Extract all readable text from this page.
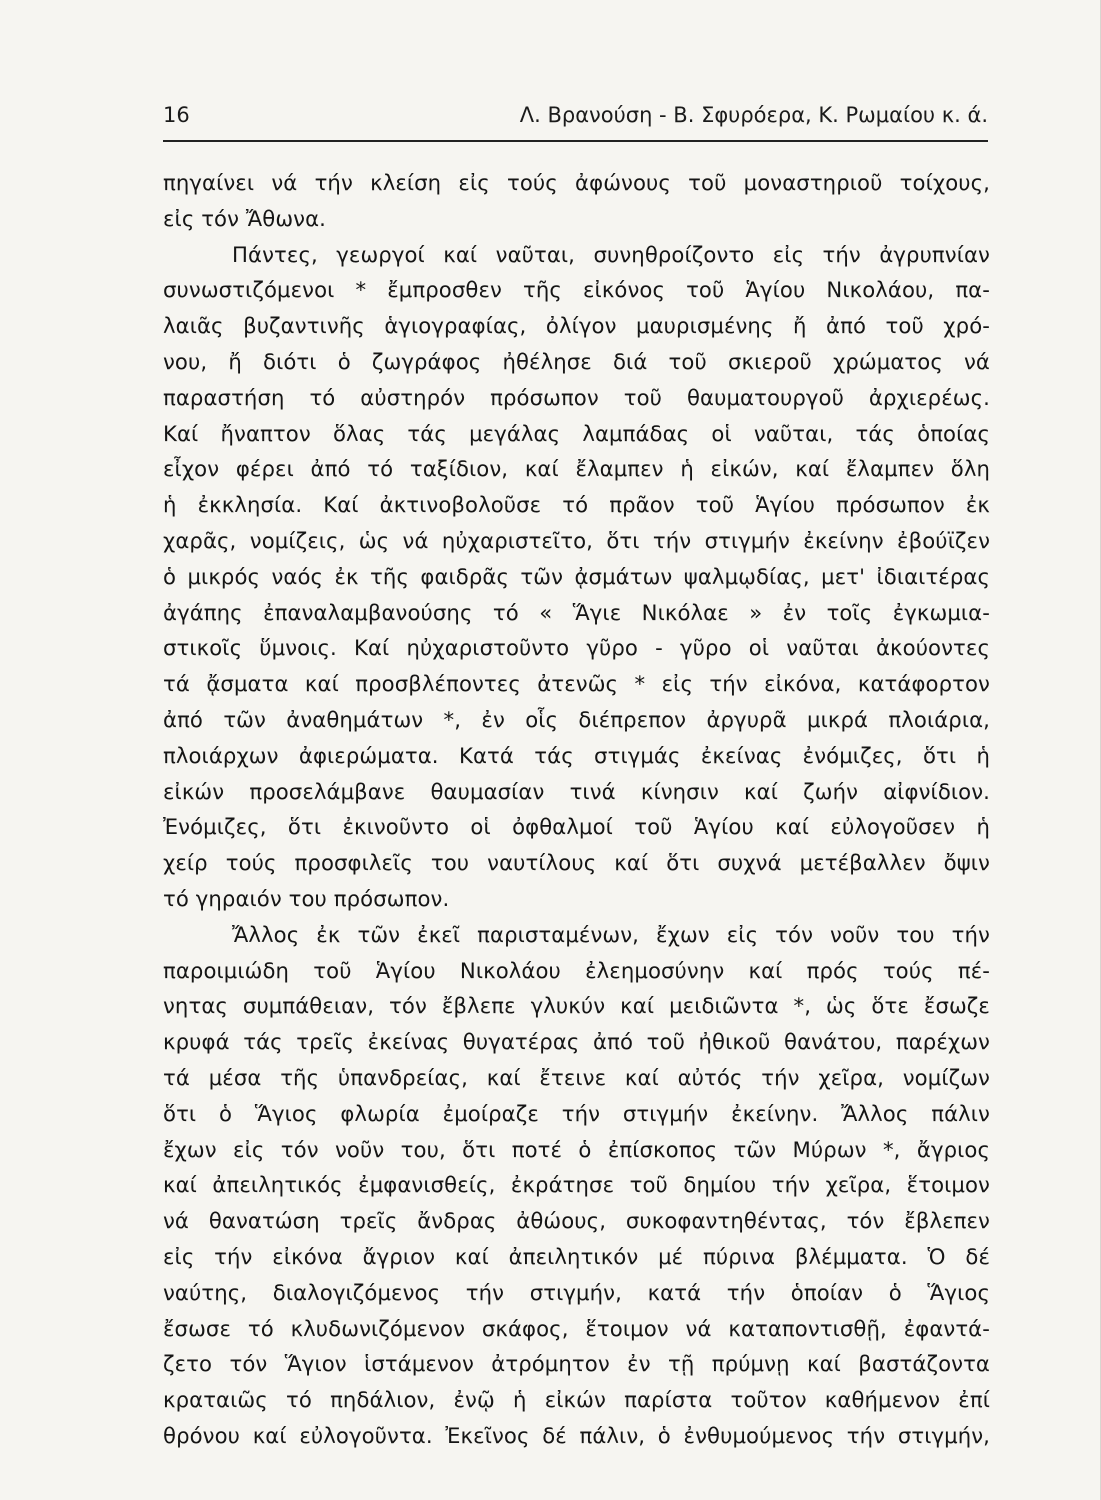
16	Λ. Βρανούση - Β. Σφυρόερα, Κ. Ρωμαίου κ. ά.
πηγαίνει νά τήν κλείση εἰς τούς ἀφώνους τοῦ μοναστηριοῦ τοίχους,
εἰς τόν Ἄθωνα.
Πάντες, γεωργοί καί ναῦται, συνηθροίζοντο εἰς τήν ἀγρυπνίαν
συνωστιζόμενοι * ἔμπροσθεν τῆς εἰκόνος τοῦ Ἁγίου Νικολάου, πα-
λαιᾶς βυζαντινῆς ἁγιογραφίας, ὀλίγον μαυρισμένης ἤ ἀπό τοῦ χρό-
νου, ἤ διότι ὁ ζωγράφος ἠθέλησε διά τοῦ σκιεροῦ χρώματος νά
παραστήση τό αὐστηρόν πρόσωπον τοῦ θαυματουργοῦ ἀρχιερέως.
Καί ἤναπτον ὅλας τάς μεγάλας λαμπάδας οἱ ναῦται, τάς ὁποίας
εἶχον φέρει ἀπό τό ταξίδιον, καί ἔλαμπεν ἡ εἰκών, καί ἔλαμπεν ὅλη
ἡ ἐκκλησία. Καί ἀκτινοβολοῦσε τό πρᾶον τοῦ Ἁγίου πρόσωπον ἐκ
χαρᾶς, νομίζεις, ὡς νά ηὐχαριστεῖτο, ὅτι τήν στιγμήν ἐκείνην ἐβούϊζεν
ὁ μικρός ναός ἐκ τῆς φαιδρᾶς τῶν ᾀσμάτων ψαλμῳδίας, μετ' ἰδιαιτέρας
ἀγάπης ἐπαναλαμβανούσης τό « Ἅγιε Νικόλαε » ἐν τοῖς ἐγκωμια-
στικοῖς ὕμνοις. Καί ηὐχαριστοῦντο γῦρο - γῦρο οἱ ναῦται ἀκούοντες
τά ᾄσματα καί προσβλέποντες ἀτενῶς * εἰς τήν εἰκόνα, κατάφορτον
ἀπό τῶν ἀναθημάτων *, ἐν οἷς διέπρεπον ἀργυρᾶ μικρά πλοιάρια,
πλοιάρχων ἀφιερώματα. Κατά τάς στιγμάς ἐκείνας ἐνόμιζες, ὅτι ἡ
εἰκών προσελάμβανε θαυμασίαν τινά κίνησιν καί ζωήν αἰφνίδιον.
Ἐνόμιζες, ὅτι ἐκινοῦντο οἱ ὀφθαλμοί τοῦ Ἁγίου καί εὐλογοῦσεν ἡ
χείρ τούς προσφιλεῖς του ναυτίλους καί ὅτι συχνά μετέβαλλεν ὄψιν
τό γηραιόν του πρόσωπον.
Ἄλλος ἐκ τῶν ἐκεῖ παρισταμένων, ἔχων εἰς τόν νοῦν του τήν
παροιμιώδη τοῦ Ἁγίου Νικολάου ἐλεημοσύνην καί πρός τούς πέ-
νητας συμπάθειαν, τόν ἔβλεπε γλυκύν καί μειδιῶντα *, ὡς ὅτε ἔσωζε
κρυφά τάς τρεῖς ἐκείνας θυγατέρας ἀπό τοῦ ἠθικοῦ θανάτου, παρέχων
τά μέσα τῆς ὑπανδρείας, καί ἔτεινε καί αὐτός τήν χεῖρα, νομίζων
ὅτι ὁ Ἅγιος φλωρία ἐμοίραζε τήν στιγμήν ἐκείνην. Ἄλλος πάλιν
ἔχων εἰς τόν νοῦν του, ὅτι ποτέ ὁ ἐπίσκοπος τῶν Μύρων *, ἄγριος
καί ἀπειλητικός ἐμφανισθείς, ἐκράτησε τοῦ δημίου τήν χεῖρα, ἕτοιμον
νά θανατώση τρεῖς ἄνδρας ἀθώους, συκοφαντηθέντας, τόν ἔβλεπεν
εἰς τήν εἰκόνα ἄγριον καί ἀπειλητικόν μέ πύρινα βλέμματα. Ὁ δέ
ναύτης, διαλογιζόμενος τήν στιγμήν, κατά τήν ὁποίαν ὁ Ἅγιος
ἔσωσε τό κλυδωνιζόμενον σκάφος, ἕτοιμον νά καταποντισθῇ, ἐφαντά-
ζετο τόν Ἅγιον ἱστάμενον ἀτρόμητον ἐν τῇ πρύμνῃ καί βαστάζοντα
κραταιῶς τό πηδάλιον, ἐνῷ ἡ εἰκών παρίστα τοῦτον καθήμενον ἐπί
θρόνου καί εὐλογοῦντα. Ἐκεῖνος δέ πάλιν, ὁ ἐνθυμούμενος τήν στιγμήν,
